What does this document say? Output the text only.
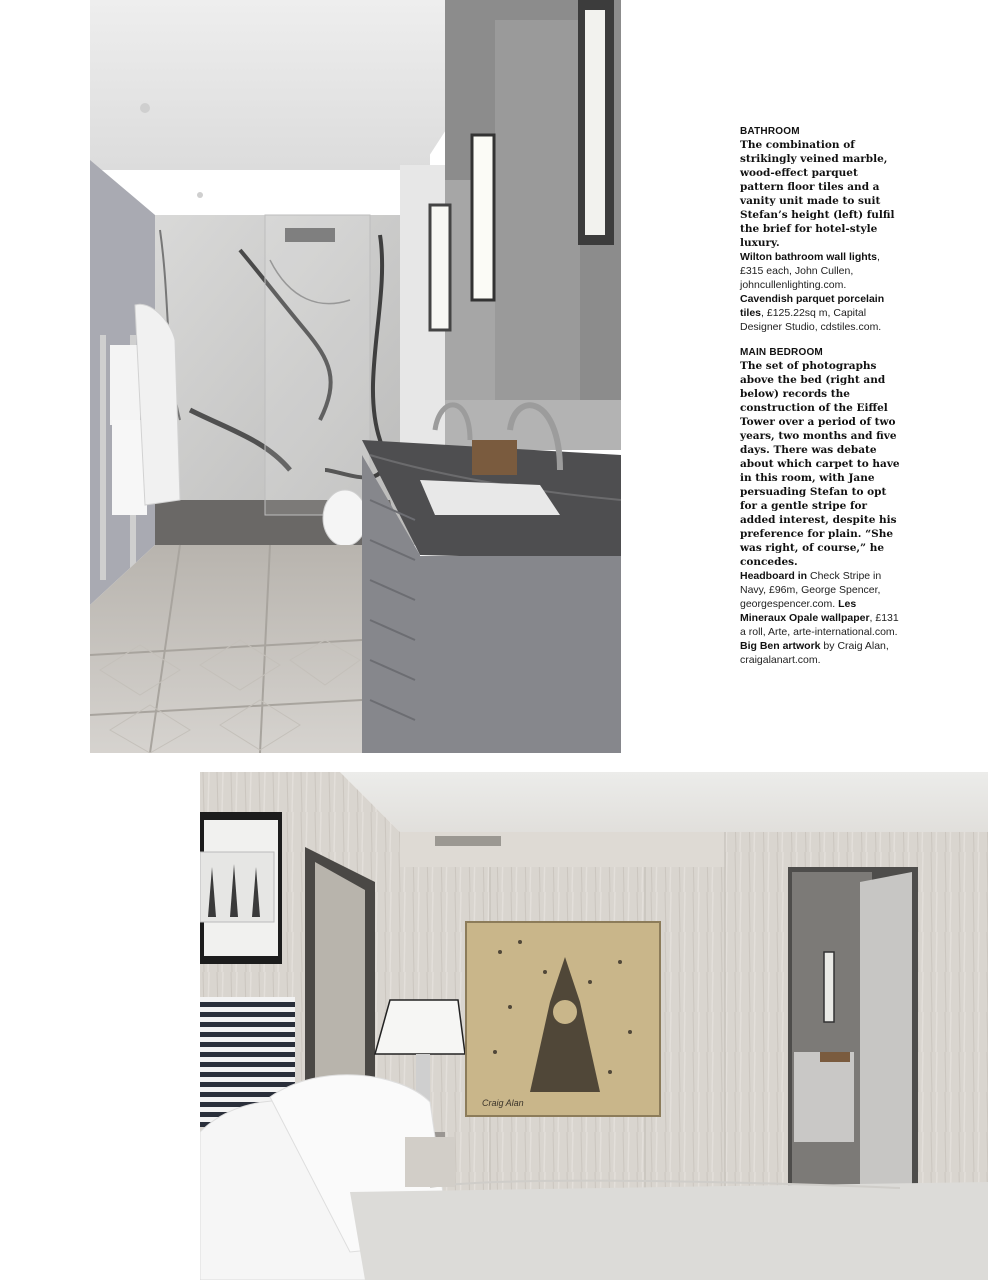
BATHROOM
The combination of strikingly veined marble, wood-effect parquet pattern floor tiles and a vanity unit made to suit Stefan’s height (left) fulfil the brief for hotel-style luxury.
Wilton bathroom wall lights, £315 each, John Cullen, johncullenlighting.com. Cavendish parquet porcelain tiles, £125.22sq m, Capital Designer Studio, cdstiles.com.
MAIN BEDROOM
The set of photographs above the bed (right and below) records the construction of the Eiffel Tower over a period of two years, two months and five days. There was debate about which carpet to have in this room, with Jane persuading Stefan to opt for a gentle stripe for added interest, despite his preference for plain. “She was right, of course,” he concedes.
Headboard in Check Stripe in Navy, £96m, George Spencer, georgespencer.com. Les Mineraux Opale wallpaper, £131 a roll, Arte, arte-international.com. Big Ben artwork by Craig Alan, craigalanart.com.
Craig Alan
